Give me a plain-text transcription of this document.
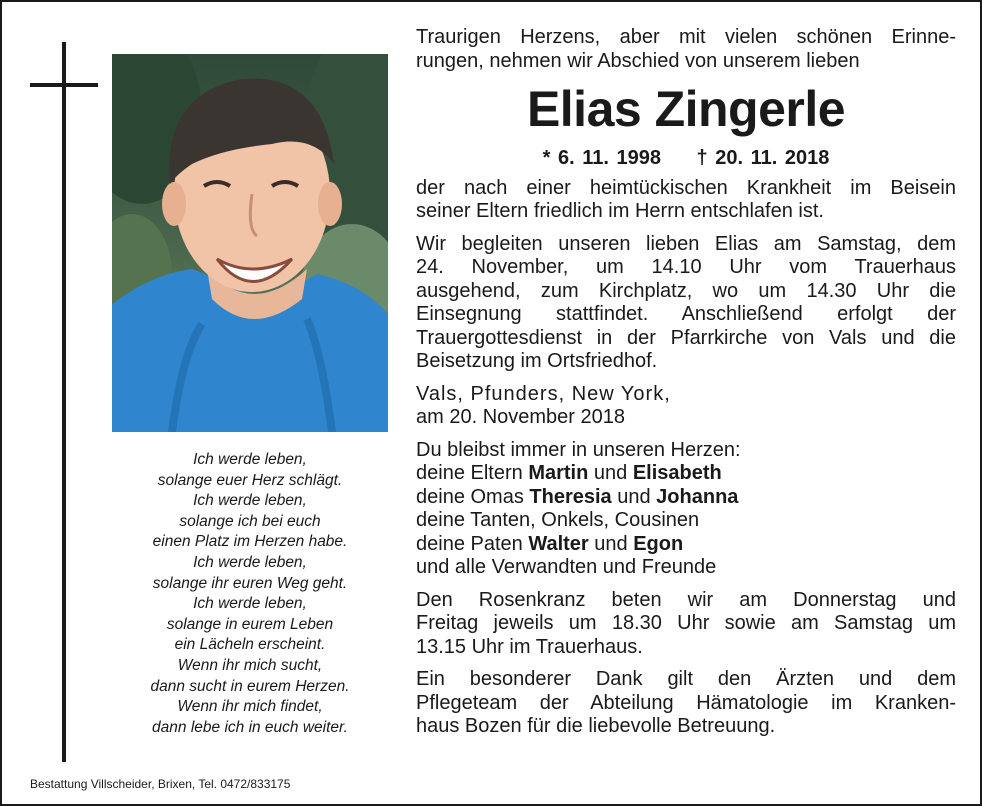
Ich werde leben,
solange euer Herz schlägt.
Ich werde leben,
solange ich bei euch
einen Platz im Herzen habe.
Ich werde leben,
solange ihr euren Weg geht.
Ich werde leben,
solange in eurem Leben
ein Lächeln erscheint.
Wenn ihr mich sucht,
dann sucht in eurem Herzen.
Wenn ihr mich findet,
dann lebe ich in euch weiter.
Bestattung Villscheider, Brixen, Tel. 0472/833175
Traurigen Herzens, aber mit vielen schönen Erinne-
rungen, nehmen wir Abschied von unserem lieben
Elias Zingerle
* 6. 11. 1998 † 20. 11. 2018
der nach einer heimtückischen Krankheit im Beisein
seiner Eltern friedlich im Herrn entschlafen ist.
Wir begleiten unseren lieben Elias am Samstag, dem
24. November, um 14.10 Uhr vom Trauerhaus
ausgehend, zum Kirchplatz, wo um 14.30 Uhr die
Einsegnung stattfindet. Anschließend erfolgt der
Trauergottesdienst in der Pfarrkirche von Vals und die
Beisetzung im Ortsfriedhof.
Vals, Pfunders, New York,
am 20. November 2018
Du bleibst immer in unseren Herzen:
deine Eltern Martin und Elisabeth
deine Omas Theresia und Johanna
deine Tanten, Onkels, Cousinen
deine Paten Walter und Egon
und alle Verwandten und Freunde
Den Rosenkranz beten wir am Donnerstag und
Freitag jeweils um 18.30 Uhr sowie am Samstag um
13.15 Uhr im Trauerhaus.
Ein besonderer Dank gilt den Ärzten und dem
Pflegeteam der Abteilung Hämatologie im Kranken-
haus Bozen für die liebevolle Betreuung.
